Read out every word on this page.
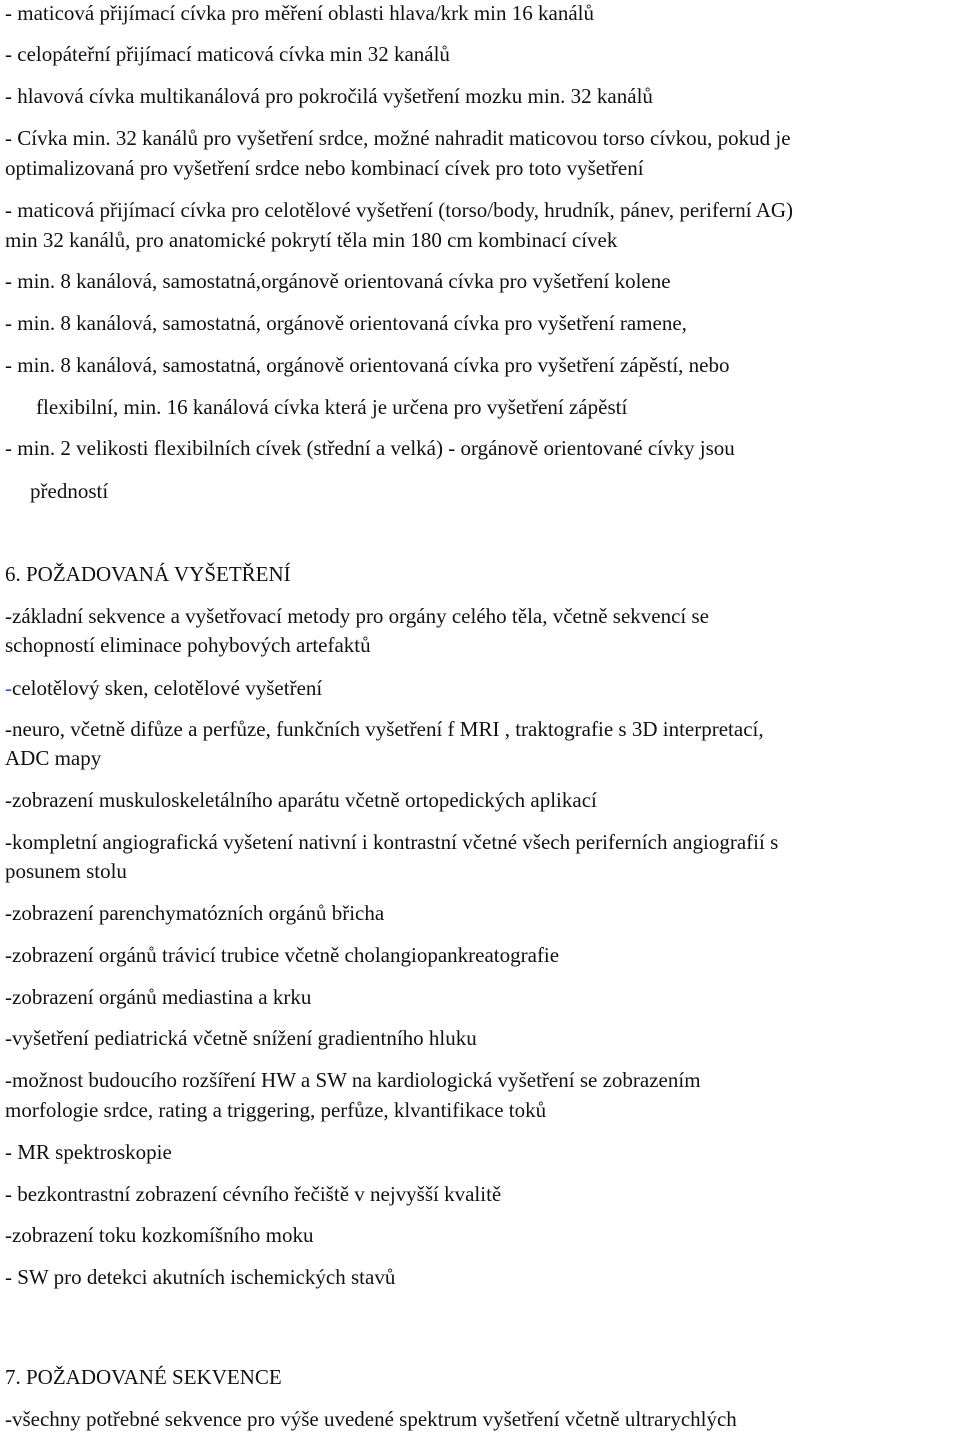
- maticová přijímací cívka pro měření oblasti hlava/krk min 16 kanálů
- celopáteřní přijímací maticová cívka min 32 kanálů
- hlavová cívka multikanálová pro pokročilá vyšetření mozku min. 32 kanálů
- Cívka min. 32 kanálů pro vyšetření srdce, možné nahradit maticovou torso cívkou, pokud je
optimalizovaná pro vyšetření srdce nebo kombinací cívek pro toto vyšetření
- maticová přijímací cívka pro celotělové vyšetření (torso/body, hrudník, pánev, periferní AG)
min 32 kanálů, pro anatomické pokrytí těla min 180 cm kombinací cívek
- min. 8 kanálová, samostatná,orgánově orientovaná cívka pro vyšetření kolene
- min. 8 kanálová, samostatná, orgánově orientovaná cívka pro vyšetření ramene,
- min. 8 kanálová, samostatná, orgánově orientovaná cívka pro vyšetření zápěstí, nebo
flexibilní, min. 16 kanálová cívka která je určena pro vyšetření zápěstí
- min. 2 velikosti flexibilních cívek (střední a velká) - orgánově orientované cívky jsou
předností
6. POŽADOVANÁ VYŠETŘENÍ
-základní sekvence a vyšetřovací metody pro orgány celého těla, včetně sekvencí se
schopností eliminace pohybových artefaktů
-celotělový sken, celotělové vyšetření
-neuro, včetně difůze a perfůze, funkčních vyšetření f MRI , traktografie s 3D interpretací,
ADC mapy
-zobrazení muskuloskeletálního aparátu včetně ortopedických aplikací
-kompletní angiografická vyšetení nativní i kontrastní včetné všech periferních angiografií s
posunem stolu
-zobrazení parenchymatózních orgánů břicha
-zobrazení orgánů trávicí trubice včetně cholangiopankreatografie
-zobrazení orgánů mediastina a krku
-vyšetření pediatrická včetně snížení gradientního hluku
-možnost budoucího rozšíření HW a SW na kardiologická vyšetření se zobrazením
morfologie srdce, rating a triggering, perfůze, klvantifikace toků
- MR spektroskopie
- bezkontrastní zobrazení cévního řečiště v nejvyšší kvalitě
-zobrazení toku kozkomíšního moku
- SW pro detekci akutních ischemických stavů
7. POŽADOVANÉ SEKVENCE
-všechny potřebné sekvence pro výše uvedené spektrum vyšetření včetně ultrarychlých
